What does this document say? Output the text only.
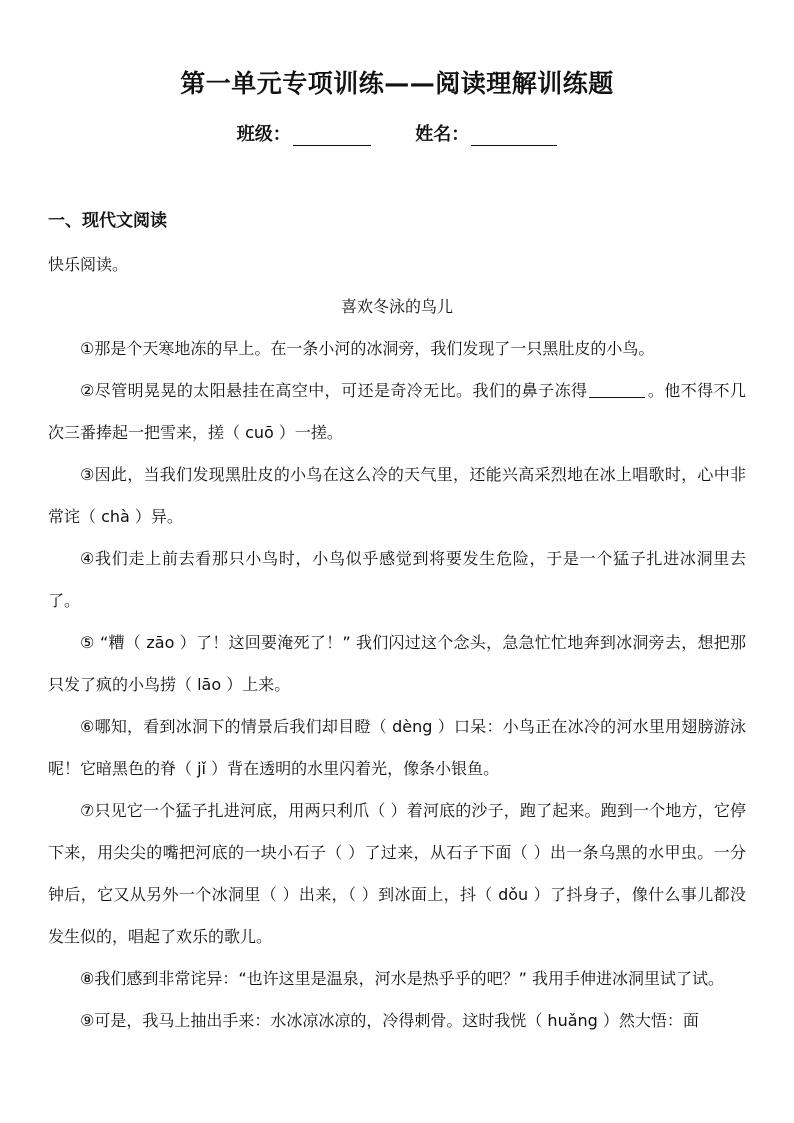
第一单元专项训练——阅读理解训练题
班级：	姓名：
一、现代文阅读

快乐阅读。

喜欢冬泳的鸟儿

①那是个天寒地冻的早上。在一条小河的冰洞旁，我们发现了一只黑肚皮的小鸟。

②尽管明晃晃的太阳悬挂在高空中，可还是奇冷无比。我们的鼻子冻得	。他不得不几次三番捧起一把雪来，搓（ cuō ）一搓。

③因此，当我们发现黑肚皮的小鸟在这么冷的天气里，还能兴高采烈地在冰上唱歌时，心中非常诧（ chà ）异。

④我们走上前去看那只小鸟时，小鸟似乎感觉到将要发生危险，于是一个猛子扎进冰洞里去了。

⑤ “糟（ zāo ）了！这回要淹死了！” 我们闪过这个念头，急急忙忙地奔到冰洞旁去，想把那只发了疯的小鸟捞（ lāo ）上来。

⑥哪知，看到冰洞下的情景后我们却目瞪（ dèng ）口呆：小鸟正在冰冷的河水里用翅膀游泳呢！它暗黑色的脊（ jǐ ）背在透明的水里闪着光，像条小银鱼。

⑦只见它一个猛子扎进河底，用两只利爪（ ）着河底的沙子，跑了起来。跑到一个地方，它停下来，用尖尖的嘴把河底的一块小石子（ ）了过来，从石子下面（ ）出一条乌黑的水甲虫。一分钟后，它又从另外一个冰洞里（ ）出来，（ ）到冰面上，抖（ dǒu ）了抖身子，像什么事儿都没发生似的，唱起了欢乐的歌儿。

⑧我们感到非常诧异：“也许这里是温泉，河水是热乎乎的吧？” 我用手伸进冰洞里试了试。

⑨可是，我马上抽出手来：水冰凉冰凉的，冷得刺骨。这时我恍（ huǎng ）然大悟：面
